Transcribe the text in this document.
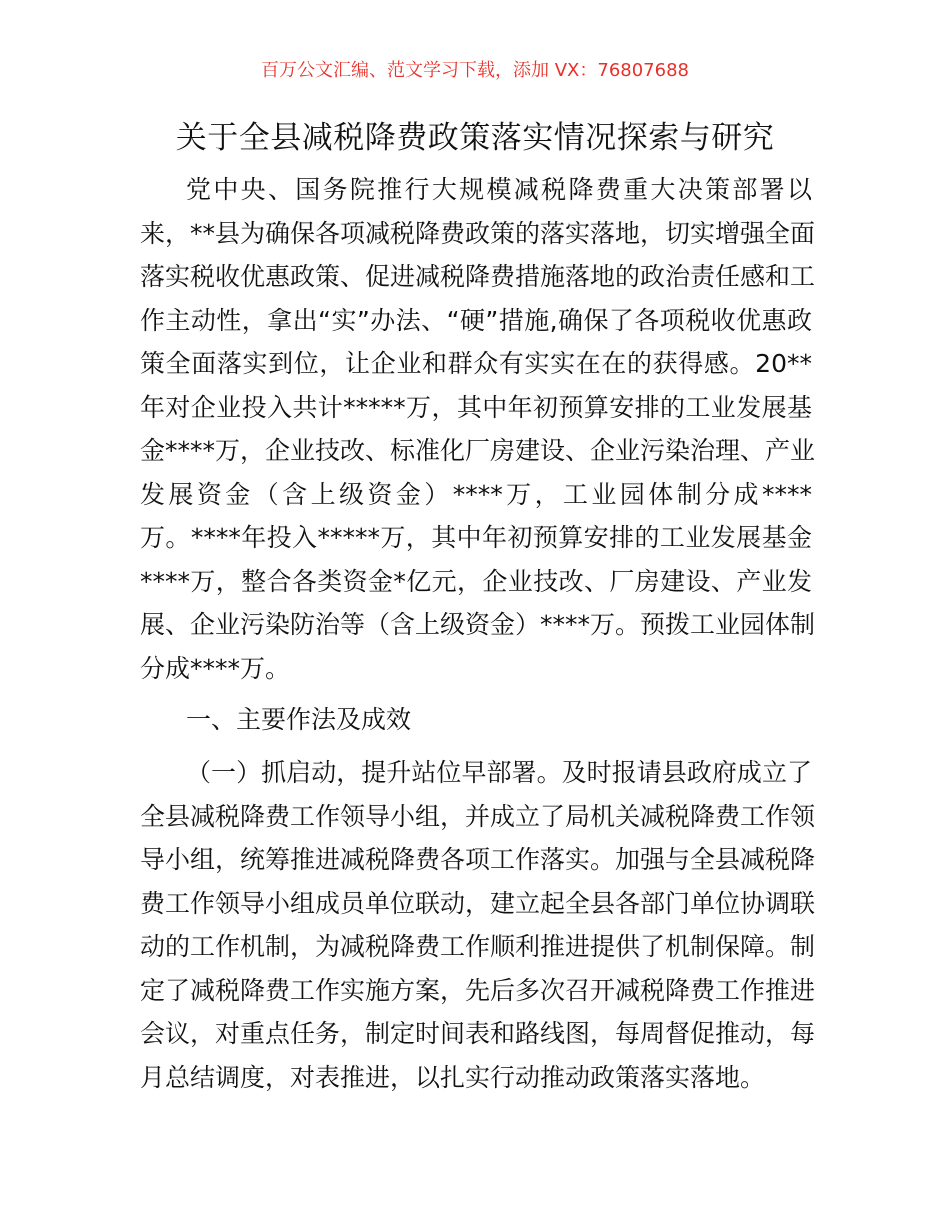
百万公文汇编、范文学习下载，添加 VX：76807688
关于全县减税降费政策落实情况探索与研究
党中央、国务院推行大规模减税降费重大决策部署以
来，**县为确保各项减税降费政策的落实落地，切实增强全面
落实税收优惠政策、促进减税降费措施落地的政治责任感和工
作主动性，拿出“实”办法、“硬”措施,确保了各项税收优惠政
策全面落实到位，让企业和群众有实实在在的获得感。20**
年对企业投入共计*****万，其中年初预算安排的工业发展基
金****万，企业技改、标准化厂房建设、企业污染治理、产业
发展资金（含上级资金）****万，工业园体制分成****
万。****年投入*****万，其中年初预算安排的工业发展基金
****万，整合各类资金*亿元，企业技改、厂房建设、产业发
展、企业污染防治等（含上级资金）****万。预拨工业园体制
分成****万。
一、主要作法及成效
（一）抓启动，提升站位早部署。及时报请县政府成立了
全县减税降费工作领导小组，并成立了局机关减税降费工作领
导小组，统筹推进减税降费各项工作落实。加强与全县减税降
费工作领导小组成员单位联动，建立起全县各部门单位协调联
动的工作机制，为减税降费工作顺利推进提供了机制保障。制
定了减税降费工作实施方案，先后多次召开减税降费工作推进
会议，对重点任务，制定时间表和路线图，每周督促推动，每
月总结调度，对表推进，以扎实行动推动政策落实落地。
